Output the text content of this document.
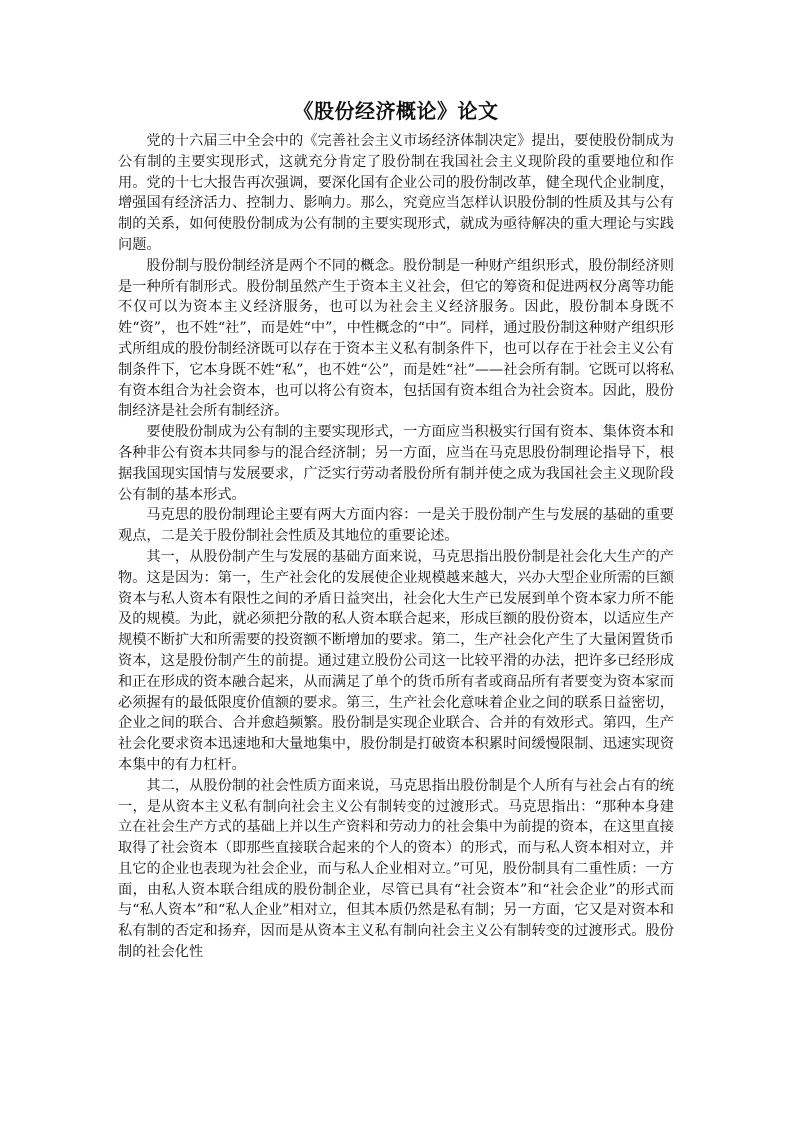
《股份经济概论》论文

党的十六届三中全会中的《完善社会主义市场经济体制决定》提出，要使股份制成为公有制的主要实现形式，这就充分肯定了股份制在我国社会主义现阶段的重要地位和作用。党的十七大报告再次强调，要深化国有企业公司的股份制改革，健全现代企业制度，增强国有经济活力、控制力、影响力。那么，究竟应当怎样认识股份制的性质及其与公有制的关系，如何使股份制成为公有制的主要实现形式，就成为亟待解决的重大理论与实践问题。

股份制与股份制经济是两个不同的概念。股份制是一种财产组织形式，股份制经济则是一种所有制形式。股份制虽然产生于资本主义社会，但它的筹资和促进两权分离等功能不仅可以为资本主义经济服务，也可以为社会主义经济服务。因此，股份制本身既不姓“资”，也不姓“社”，而是姓“中”，中性概念的“中”。同样，通过股份制这种财产组织形式所组成的股份制经济既可以存在于资本主义私有制条件下，也可以存在于社会主义公有制条件下，它本身既不姓“私”，也不姓“公”，而是姓“社”——社会所有制。它既可以将私有资本组合为社会资本，也可以将公有资本，包括国有资本组合为社会资本。因此，股份制经济是社会所有制经济。

要使股份制成为公有制的主要实现形式，一方面应当积极实行国有资本、集体资本和各种非公有资本共同参与的混合经济制；另一方面，应当在马克思股份制理论指导下，根据我国现实国情与发展要求，广泛实行劳动者股份所有制并使之成为我国社会主义现阶段公有制的基本形式。

马克思的股份制理论主要有两大方面内容：一是关于股份制产生与发展的基础的重要观点，二是关于股份制社会性质及其地位的重要论述。

其一，从股份制产生与发展的基础方面来说，马克思指出股份制是社会化大生产的产物。这是因为：第一，生产社会化的发展使企业规模越来越大，兴办大型企业所需的巨额资本与私人资本有限性之间的矛盾日益突出，社会化大生产已发展到单个资本家力所不能及的规模。为此，就必须把分散的私人资本联合起来，形成巨额的股份资本，以适应生产规模不断扩大和所需要的投资额不断增加的要求。第二，生产社会化产生了大量闲置货币资本，这是股份制产生的前提。通过建立股份公司这一比较平滑的办法，把许多已经形成和正在形成的资本融合起来，从而满足了单个的货币所有者或商品所有者要变为资本家而必须握有的最低限度价值额的要求。第三，生产社会化意味着企业之间的联系日益密切，企业之间的联合、合并愈趋频繁。股份制是实现企业联合、合并的有效形式。第四，生产社会化要求资本迅速地和大量地集中，股份制是打破资本积累时间缓慢限制、迅速实现资本集中的有力杠杆。

其二，从股份制的社会性质方面来说，马克思指出股份制是个人所有与社会占有的统一，是从资本主义私有制向社会主义公有制转变的过渡形式。马克思指出：“那种本身建立在社会生产方式的基础上并以生产资料和劳动力的社会集中为前提的资本，在这里直接取得了社会资本（即那些直接联合起来的个人的资本）的形式，而与私人资本相对立，并且它的企业也表现为社会企业，而与私人企业相对立。”可见，股份制具有二重性质：一方面，由私人资本联合组成的股份制企业，尽管已具有“社会资本”和“社会企业”的形式而与“私人资本”和“私人企业”相对立，但其本质仍然是私有制；另一方面，它又是对资本和私有制的否定和扬弃，因而是从资本主义私有制向社会主义公有制转变的过渡形式。股份制的社会化性
